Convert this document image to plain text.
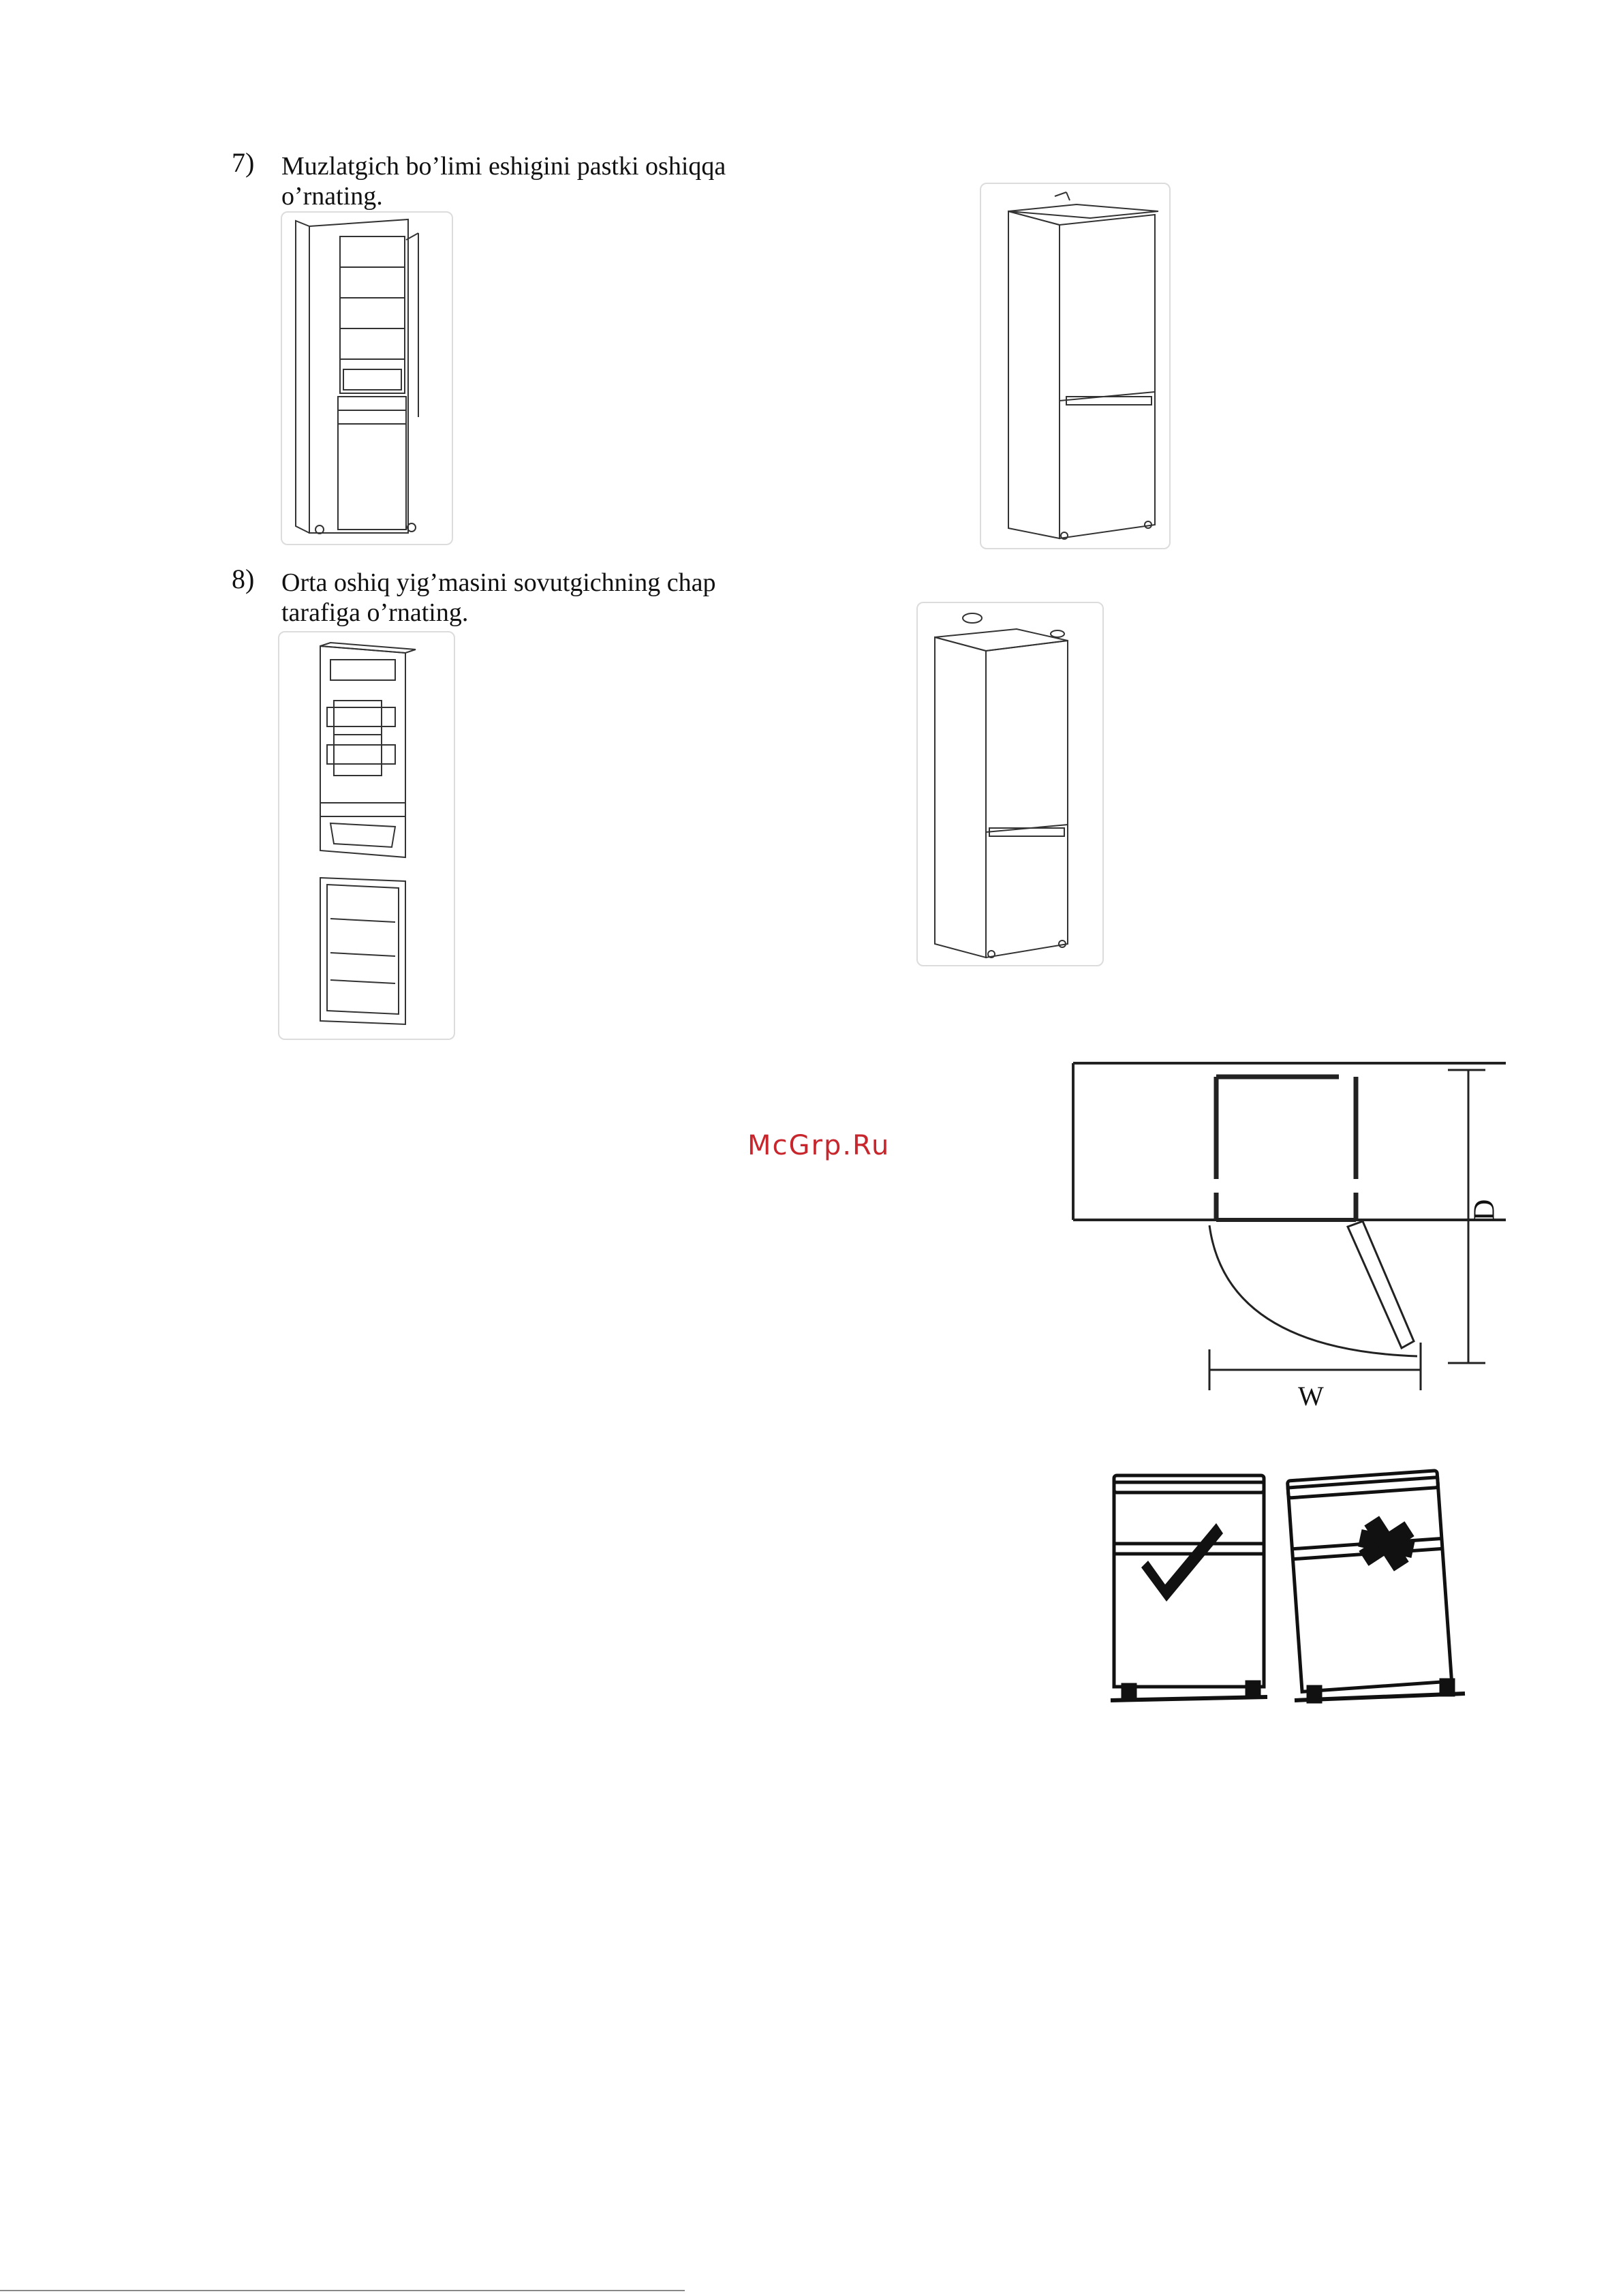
7) Muzlatgich bo’limi eshigini pastki oshiqqa
o’rnating.
8) Orta oshiq yig’masini sovutgichning chap
tarafiga o’rnating.
McGrp.Ru
D
W
